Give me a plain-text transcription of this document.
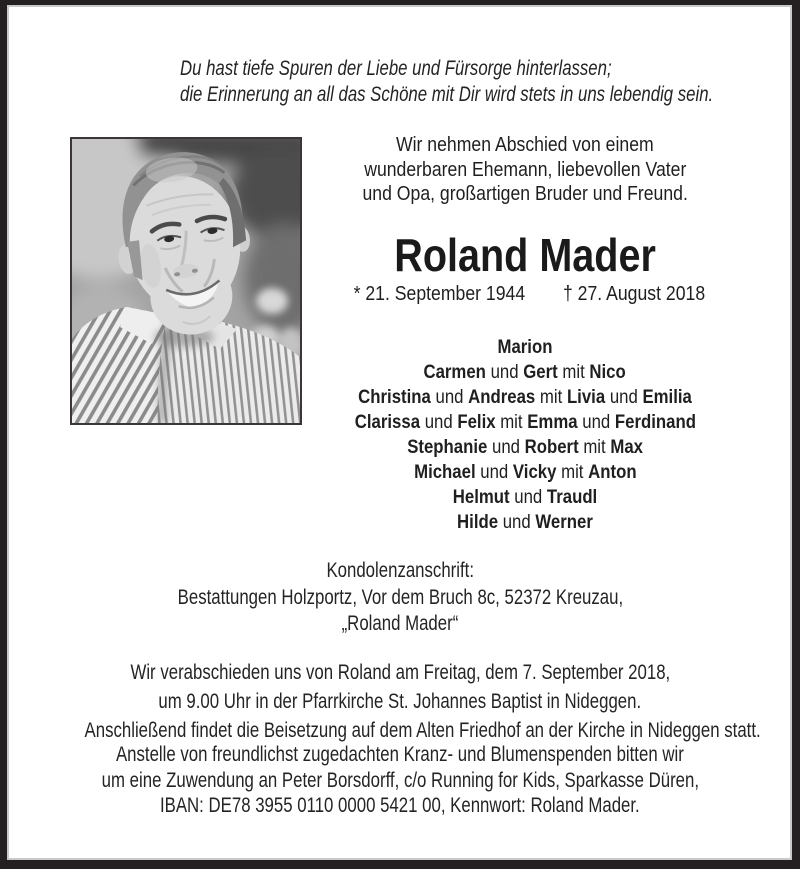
Du hast tiefe Spuren der Liebe und Fürsorge hinterlassen;
die Erinnerung an all das Schöne mit Dir wird stets in uns lebendig sein.
Wir nehmen Abschied von einem
wunderbaren Ehemann, liebevollen Vater
und Opa, großartigen Bruder und Freund.
Roland Mader
* 21. September 1944 † 27. August 2018
Marion
Carmen und Gert mit Nico
Christina und Andreas mit Livia und Emilia
Clarissa und Felix mit Emma und Ferdinand
Stephanie und Robert mit Max
Michael und Vicky mit Anton
Helmut und Traudl
Hilde und Werner
Kondolenzanschrift:
Bestattungen Holzportz, Vor dem Bruch 8c, 52372 Kreuzau,
„Roland Mader“
Wir verabschieden uns von Roland am Freitag, dem 7. September 2018,
um 9.00 Uhr in der Pfarrkirche St. Johannes Baptist in Nideggen.
Anschließend findet die Beisetzung auf dem Alten Friedhof an der Kirche in Nideggen statt.
Anstelle von freundlichst zugedachten Kranz- und Blumenspenden bitten wir
um eine Zuwendung an Peter Borsdorff, c/o Running for Kids, Sparkasse Düren,
IBAN: DE78 3955 0110 0000 5421 00, Kennwort: Roland Mader.
